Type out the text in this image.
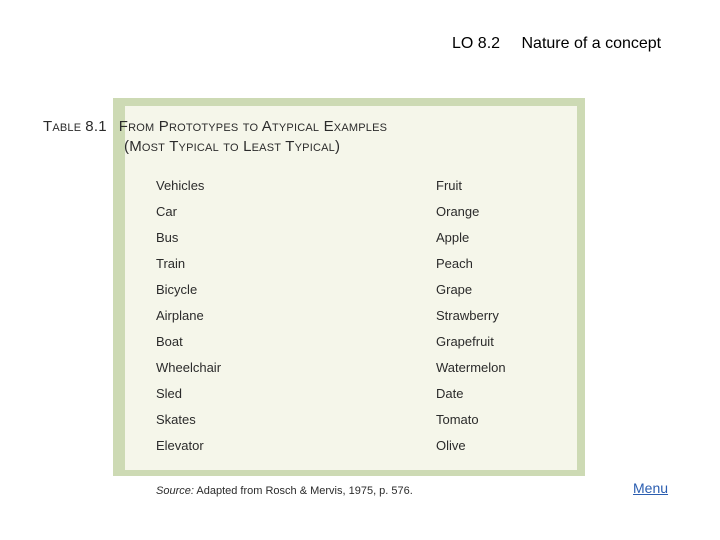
LO 8.2 Nature of a concept
Table 8.1 From Prototypes to Atypical Examples
(Most Typical to Least Typical)
Vehicles
Car
Bus
Train
Bicycle
Airplane
Boat
Wheelchair
Sled
Skates
Elevator
Fruit
Orange
Apple
Peach
Grape
Strawberry
Grapefruit
Watermelon
Date
Tomato
Olive
Source: Adapted from Rosch & Mervis, 1975, p. 576.	Menu
